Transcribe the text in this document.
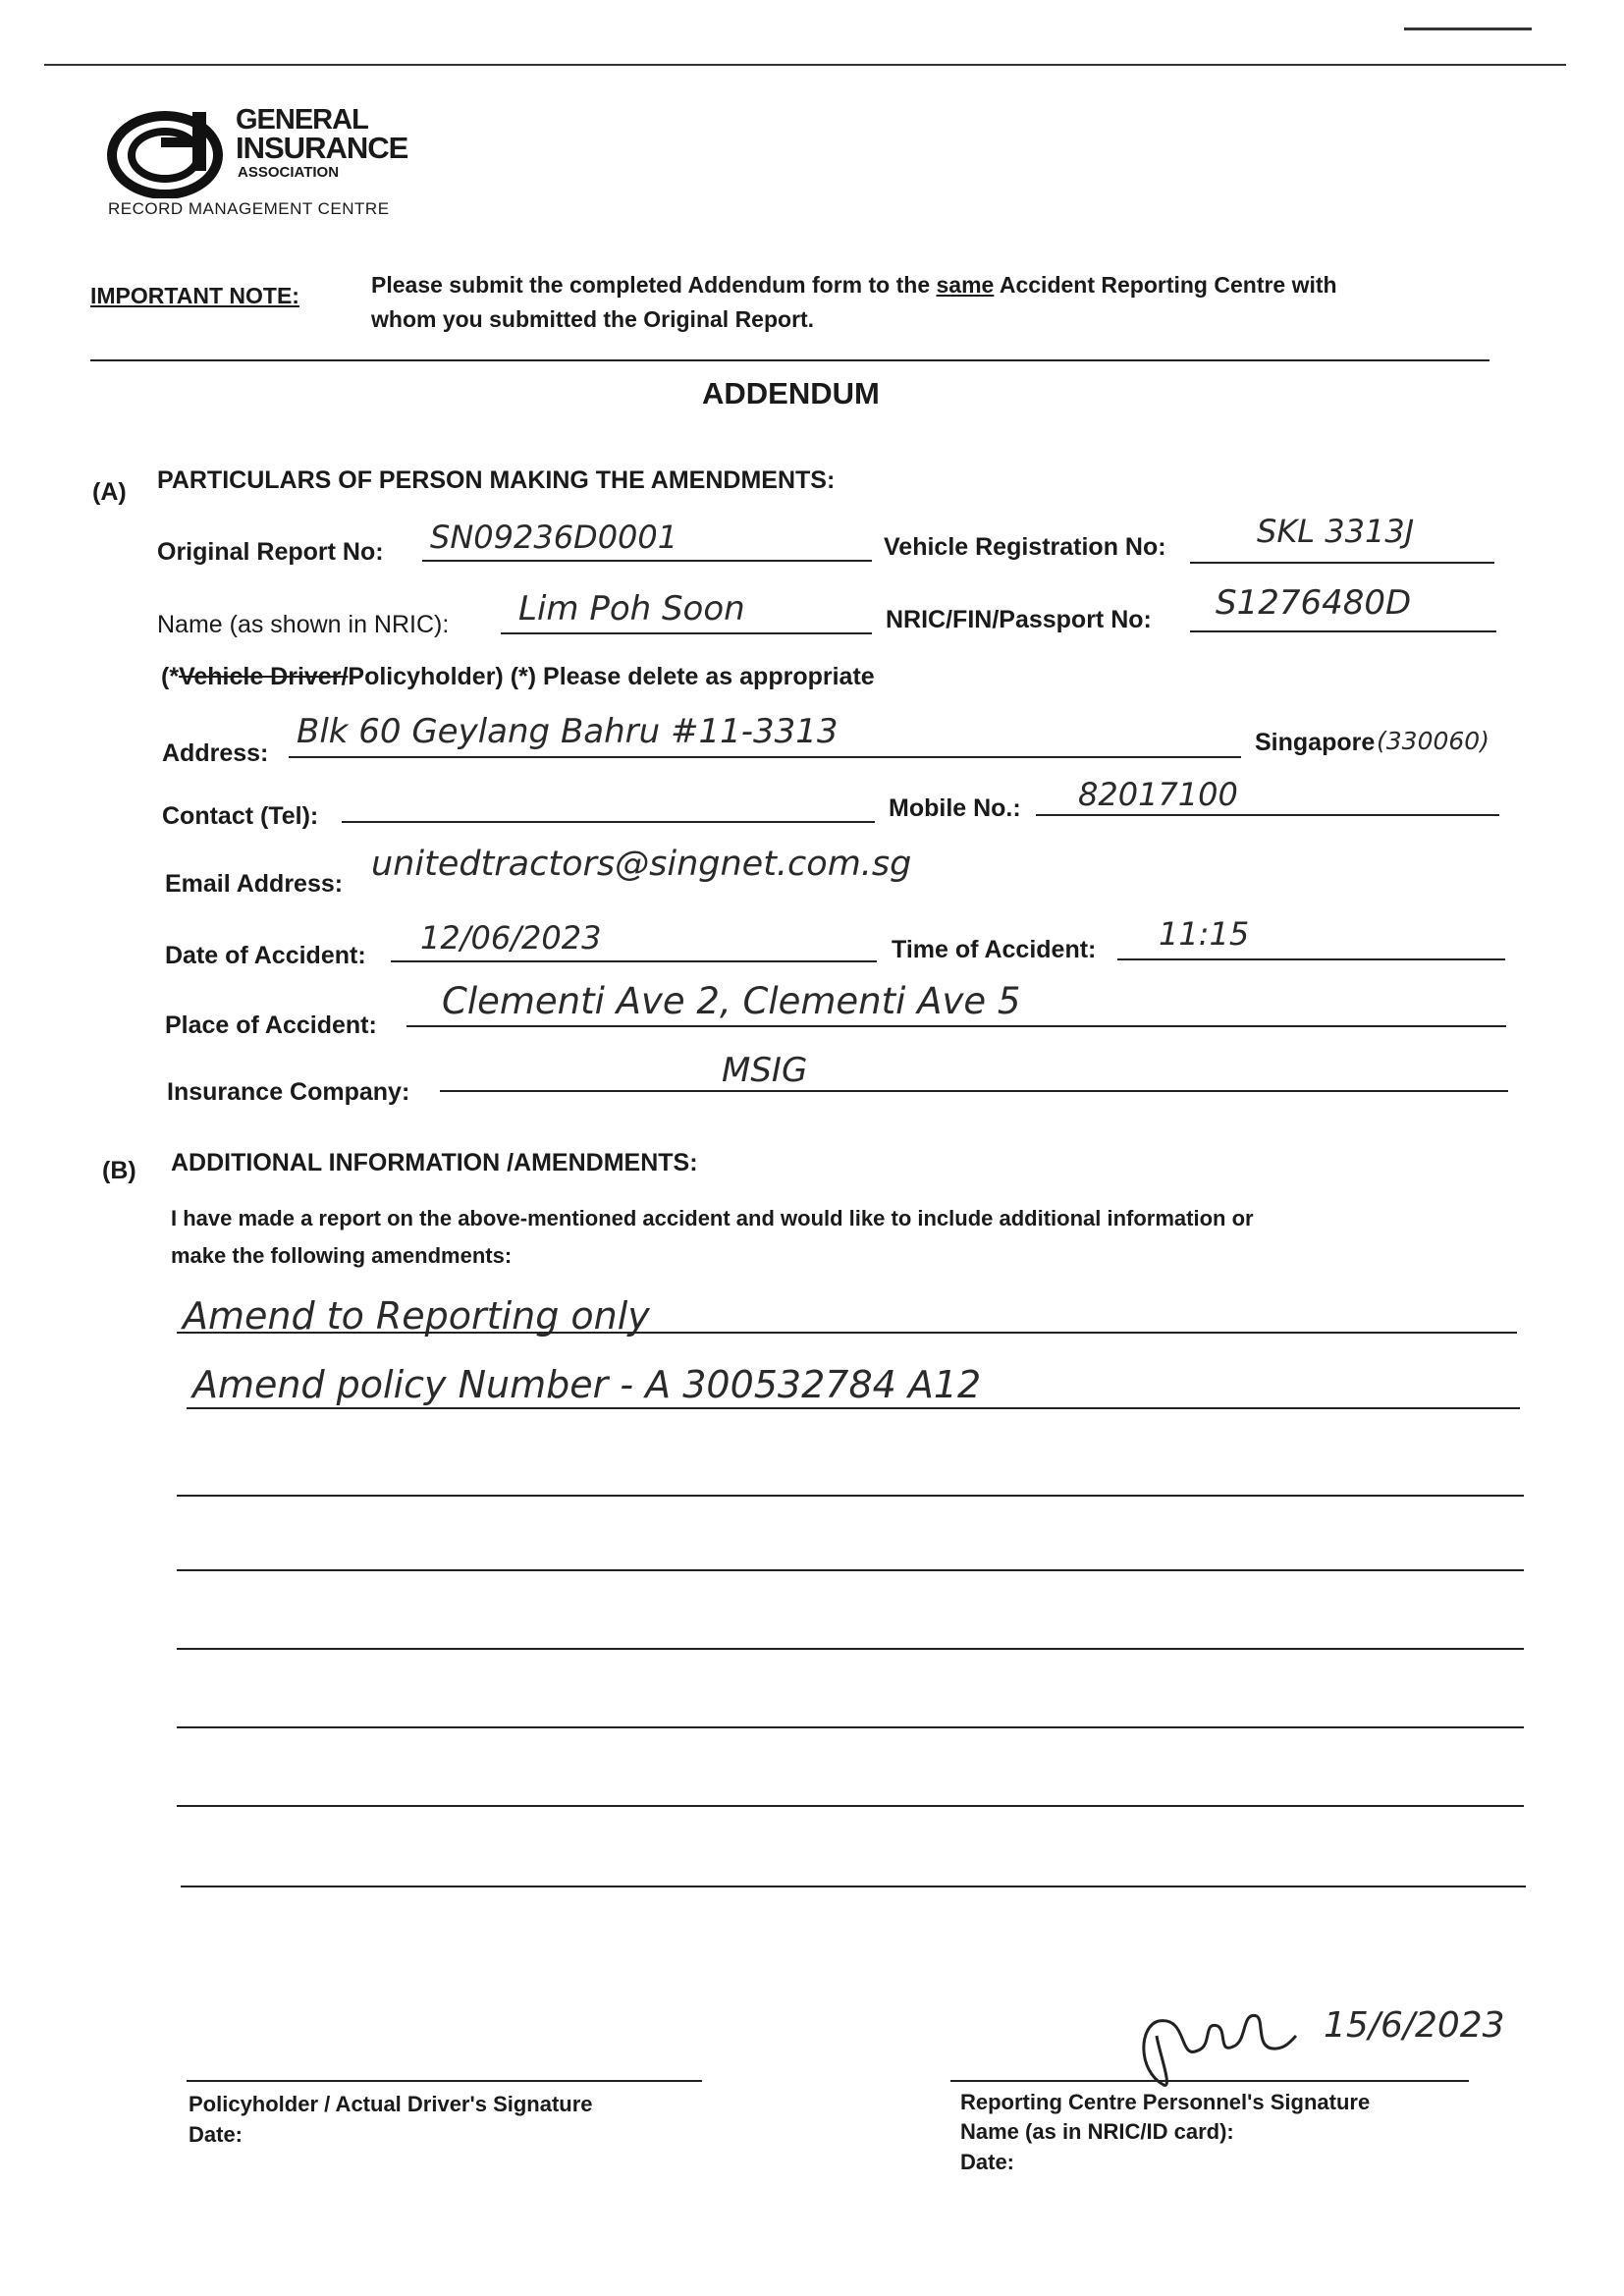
GENERAL
INSURANCE
ASSOCIATION
RECORD MANAGEMENT CENTRE
IMPORTANT NOTE:	Please submit the completed Addendum form to the same Accident Reporting Centre with
whom you submitted the Original Report.
ADDENDUM
(A) PARTICULARS OF PERSON MAKING THE AMENDMENTS:
Original Report No: SN09236D0001	Vehicle Registration No:	SKL 3313J
Name (as shown in NRIC): Lim Poh Soon	NRIC/FIN/Passport No: S1276480D
(*Vehicle Driver/Policyholder) (*) Please delete as appropriate
Address:
Blk 60 Geylang Bahru #11-3313	Singapore (330060)
Contact (Tel):	Mobile No.: 82017100
Email Address: unitedtractors@singnet.com.sg
Date of Accident: 12/06/2023	Time of Accident: 11:15
Place of Accident:
Clementi Ave 2, Clementi Ave 5
Insurance Company:
MSIG
(B) ADDITIONAL INFORMATION /AMENDMENTS:
I have made a report on the above-mentioned accident and would like to include additional information or
make the following amendments:
Amend to Reporting only
Amend policy Number - A 300532784 A12
15/6/2023
Policyholder / Actual Driver's Signature
Date:
Reporting Centre Personnel's Signature
Name (as in NRIC/ID card):
Date:
